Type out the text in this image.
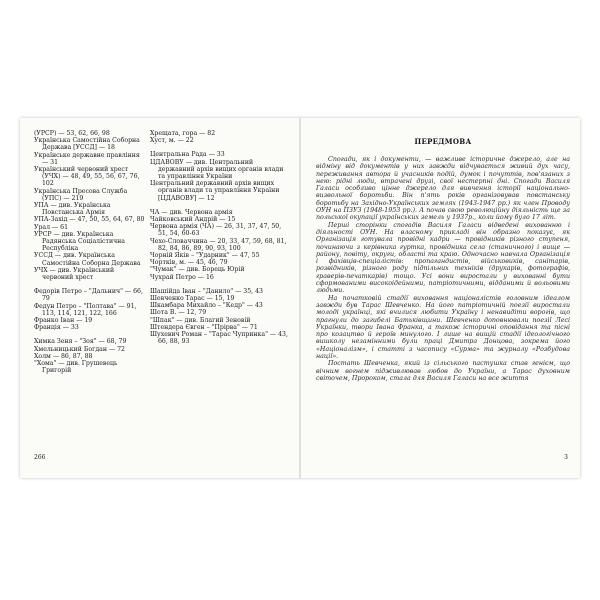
(УРСР) — 53, 62, 66, 98
Українська Самостійна Соборна Держава [УССД] — 18
Українське державне правління — 31
Український червоний хрест (УЧХ) — 48, 49, 55, 56, 67, 76, 102
Українська Пресова Служба (УПС) — 219
УПА — див. Українська Повстанська Армія
УПА-Захід — 47, 50, 55, 64, 67, 80
Урал — 61
УРСР — див. Українська Радянська Соціалістична Республіка
УССД — див. Українська Самостійна Соборна Держава
УЧХ — див. Український червоний хрест
Федорів Петро – "Дальнич" — 66, 79
Федун Петро – "Полтава" — 91, 113, 114, 121, 122, 166
Франко Іван — 19
Франція — 33
Химка Зеня – "Зоя" — 68, 79
Хмельницький Богдан — 72
Холм — 86, 87, 88
"Хома" — див. Грушевець Григорій
Хрещата, гора — 82
Хуст, м. — 22
Центральна Рада — 33
ЦДАВОВУ — див. Центральний державний архів вищих органів влади та управління України
Центральний державний архів вищих органів влади та управління України [ЦДАВОВУ] — 12
ЧА — див. Червона армія
Чайковський Андрій — 15
Червона армія (ЧА) — 26, 31, 37, 47, 50, 51, 54, 60-63
Чехо-Словаччина — 20, 33, 47, 59, 68, 81, 82, 84, 86, 89, 90, 93, 100
Чорній Яків – "Ударник" — 47, 55
Чортків, м. — 45, 46, 79
"Чумак" — див. Борець Юрій
Чухрай Петро — 16
Шашійда Іван – "Данило" — 35, 43
Шевченко Тарас — 15, 19
Шкамбара Михайло – "Кедр" — 43
Шота В. — 12, 79
"Шпак" — див. Благий Зеновій
Штендера Євген – "Прірва" — 71
Шухевич Роман – "Тарас Чупринка" — 43, 66, 88, 93
266
ПЕРЕДМОВА

Спогади, як і документи, — важливе історичне джерело, але на відміну від документів у них завжди відчувається живий дух часу, переживання автора й учасників подій, думок і почуттів, пов'язаних з нею: рідні люди, втрачені друзі, свої нестерпні дні. Спогади Василя Галаси особливо цінне джерело для вивчення історії національно-визвольної боротьби. Він п'ять років організовував повстанську боротьбу на Західно-Українських землях (1943-1947 рр.) як член Проводу ОУН на ПЗУЗ (1948-1953 рр.). А почав свою революційну діяльність ще за польської окупації українських земель у 1937р., коли йому було 17 літ.

Перші сторінки спогадів Василя Галаси відведені вихованню і діяльності ОУН. На власному прикладі він образно показує, як Організація готувала провідні кадри — провідників різного ступеня, починаючи з керівника гуртка, провідника села (станичного) і вище — району, повіту, округи, області та краю. Одночасно навчала Організація і фахівців-спеціалістів: пропагандистів, військовиків, санітарів, розвідників, різного роду підпільних техніків (друкарів, фотографів, граверів-печаткарів) тощо. Усі вони виростали у вихованні бути сформованими високоідейними, патріотичними, відданими й вольовими людьми.

На початковій стадії виховання націоналістів головним ідеалом завжди був Тарас Шевченко. На його патріотичній поезії виростали молоді українці, які вчилися любити Україну і ненавидіти ворогів, що прагнули до загибелі Батьківщини. Шевченко доповнювали поезії Лесі Українки, твори Івана Франка, а також історичні оповідання та пісні про козацтво й героїв минулого. І лише на вищій стадії ідеологічного вишколу незамінними були праці Дмитра Донцова, зокрема його «Націоналізм», і статті з часопису «Сурма» та журналу «Розбудова нації».

Постать Шевченка, який із сільського пастушка став генієм, що вічним вогнем підживлював любов до України, а Тарас духовним світочем, Пророком, стала для Василя Галаси на все життя

3
